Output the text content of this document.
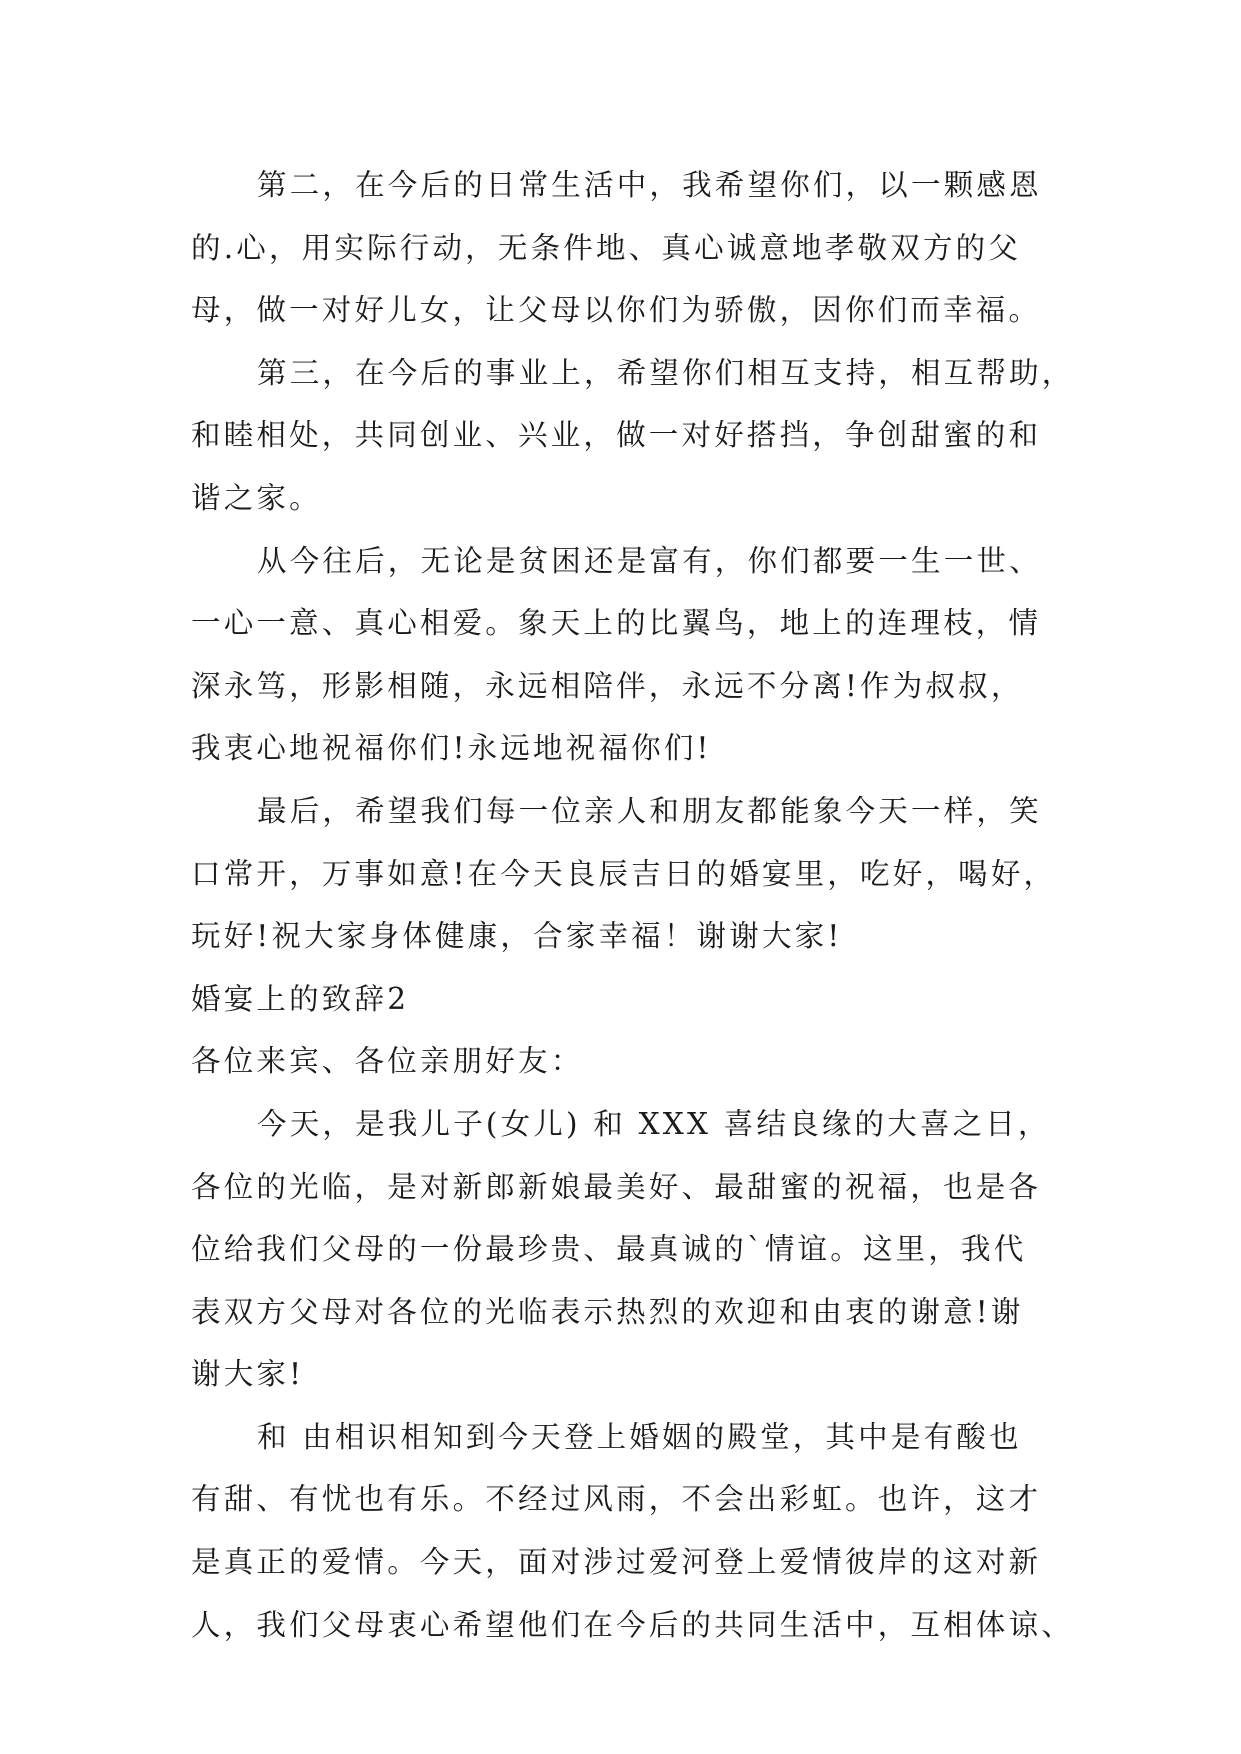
第二，在今后的日常生活中，我希望你们，以一颗感恩
的.心，用实际行动，无条件地、真心诚意地孝敬双方的父
母，做一对好儿女，让父母以你们为骄傲，因你们而幸福。
第三，在今后的事业上，希望你们相互支持，相互帮助，
和睦相处，共同创业、兴业，做一对好搭挡，争创甜蜜的和
谐之家。
从今往后，无论是贫困还是富有，你们都要一生一世、
一心一意、真心相爱。象天上的比翼鸟，地上的连理枝，情
深永笃，形影相随，永远相陪伴，永远不分离!作为叔叔，
我衷心地祝福你们!永远地祝福你们!
最后，希望我们每一位亲人和朋友都能象今天一样，笑
口常开，万事如意!在今天良辰吉日的婚宴里，吃好，喝好，
玩好!祝大家身体健康，合家幸福！谢谢大家!
婚宴上的致辞2
各位来宾、各位亲朋好友：
今天，是我儿子(女儿) 和 XXX 喜结良缘的大喜之日，
各位的光临，是对新郎新娘最美好、最甜蜜的祝福，也是各
位给我们父母的一份最珍贵、最真诚的`情谊。这里，我代
表双方父母对各位的光临表示热烈的欢迎和由衷的谢意!谢
谢大家!
和 由相识相知到今天登上婚姻的殿堂，其中是有酸也
有甜、有忧也有乐。不经过风雨，不会出彩虹。也许，这才
是真正的爱情。今天，面对涉过爱河登上爱情彼岸的这对新
人，我们父母衷心希望他们在今后的共同生活中，互相体谅、
